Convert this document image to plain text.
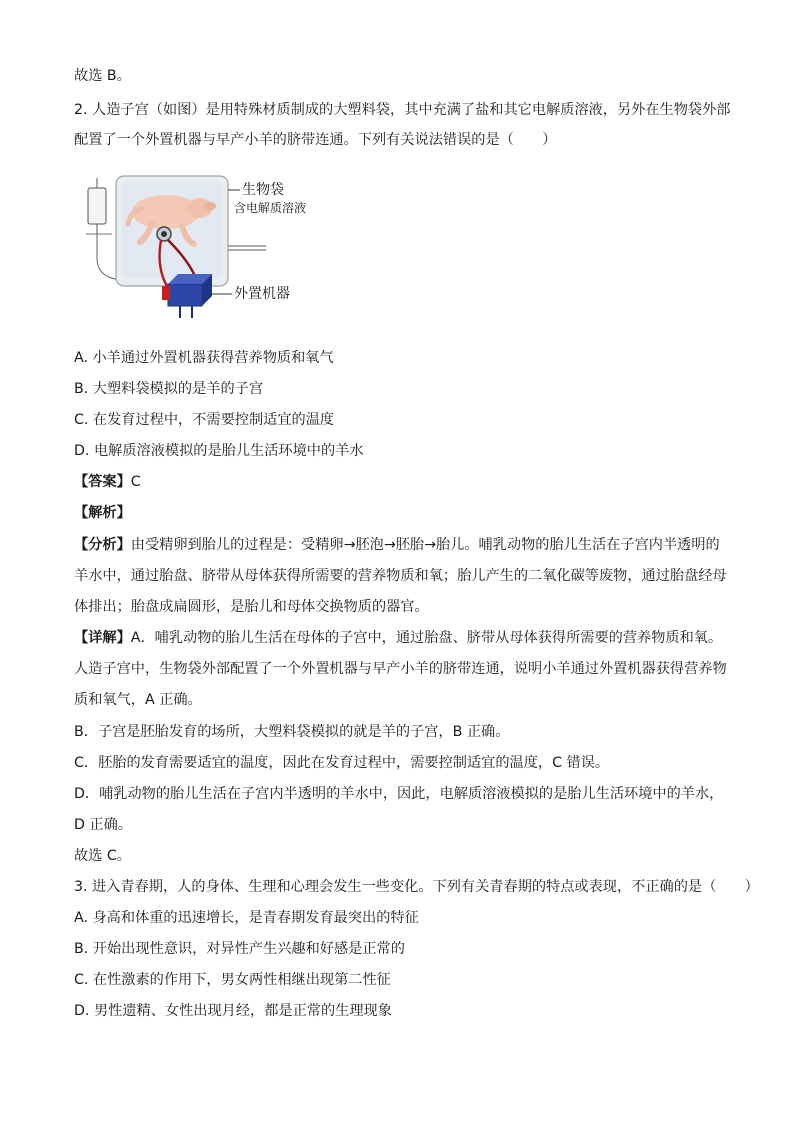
故选 B。
2. 人造子宫（如图）是用特殊材质制成的大塑料袋，其中充满了盐和其它电解质溶液，另外在生物袋外部
配置了一个外置机器与早产小羊的脐带连通。下列有关说法错误的是（　　）
生物袋
含电解质溶液
外置机器
A. 小羊通过外置机器获得营养物质和氧气
B. 大塑料袋模拟的是羊的子宫
C. 在发育过程中，不需要控制适宜的温度
D. 电解质溶液模拟的是胎儿生活环境中的羊水
【答案】C
【解析】
【分析】由受精卵到胎儿的过程是：受精卵→胚泡→胚胎→胎儿。哺乳动物的胎儿生活在子宫内半透明的
羊水中，通过胎盘、脐带从母体获得所需要的营养物质和氧；胎儿产生的二氧化碳等废物，通过胎盘经母
体排出；胎盘成扁圆形，是胎儿和母体交换物质的器官。
【详解】A．哺乳动物的胎儿生活在母体的子宫中，通过胎盘、脐带从母体获得所需要的营养物质和氧。
人造子宫中，生物袋外部配置了一个外置机器与早产小羊的脐带连通，说明小羊通过外置机器获得营养物
质和氧气，A 正确。
B．子宫是胚胎发育的场所，大塑料袋模拟的就是羊的子宫，B 正确。
C．胚胎的发育需要适宜的温度，因此在发育过程中，需要控制适宜的温度，C 错误。
D．哺乳动物的胎儿生活在子宫内半透明的羊水中，因此，电解质溶液模拟的是胎儿生活环境中的羊水，
D 正确。
故选 C。
3. 进入青春期，人的身体、生理和心理会发生一些变化。下列有关青春期的特点或表现，不正确的是（　　）
A. 身高和体重的迅速增长，是青春期发育最突出的特征
B. 开始出现性意识，对异性产生兴趣和好感是正常的
C. 在性激素的作用下，男女两性相继出现第二性征
D. 男性遗精、女性出现月经，都是正常的生理现象
